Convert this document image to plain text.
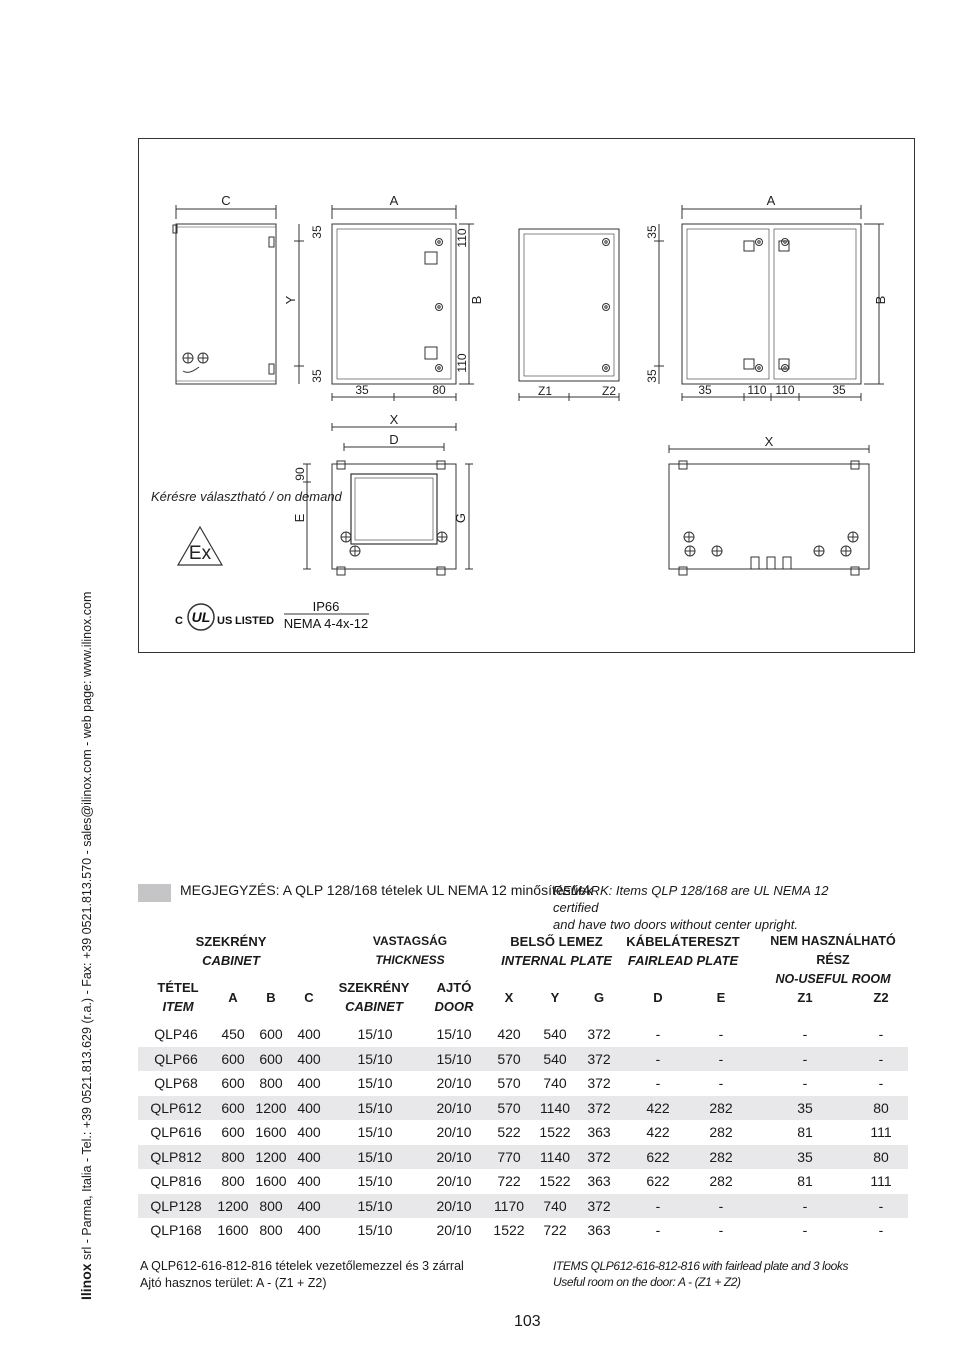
Ilinox srl - Parma, Italia - Tel.: +39 0521.813.629 (r.a.) - Fax: +39 0521.813.570 - sales@ilinox.com - web page: www.ilinox.com
C
35
Y
35
A
35	80
110
B
110
Z1	Z2
35
35
A
35	110 110	35
B
X
D
90
E	G
X
Kérésre választható / on demand
Ex
C UL US LISTED
IP66
NEMA 4-4x-12
MEGJEGYZÉS: A QLP 128/168 tételek UL NEMA 12 minősítésűek
REMARK: Items QLP 128/168 are UL NEMA 12 certified
and have two doors without center upright.
SZEKRÉNY
CABINET
VASTAGSÁG
THICKNESS
BELSŐ LEMEZ
INTERNAL PLATE
KÁBELÁTERESZT
FAIRLEAD PLATE
NEM HASZNÁLHATÓ RÉSZ
NO-USEFUL ROOM
TÉTEL
ITEM
A	B	C
SZEKRÉNY
CABINET
AJTÓ
DOOR
X	Y	G	D	E	Z1	Z2
QLP46	450	600	400	15/10	15/10	420	540	372	-	-	-	-
QLP66	600	600	400	15/10	15/10	570	540	372	-	-	-	-
QLP68	600	800	400	15/10	20/10	570	740	372	-	-	-	-
QLP612	600 1200 400	15/10	20/10	570	1140	372	422	282	35	80
QLP616	600 1600 400	15/10	20/10	522	1522	363	422	282	81	111
QLP812	800 1200 400	15/10	20/10	770	1140	372	622	282	35	80
QLP816	800 1600 400	15/10	20/10	722	1522	363	622	282	81	111
QLP128	1200 800	400	15/10	20/10	1170	740	372	-	-	-	-
QLP168	1600 800	400	15/10	20/10	1522	722	363	-	-	-	-
A QLP612-616-812-816 tételek vezetőlemezzel és 3 zárral
Ajtó hasznos terület: A - (Z1 + Z2)
ITEMS QLP612-616-812-816 with fairlead plate and 3 looks
Useful room on the door: A - (Z1 + Z2)
103
